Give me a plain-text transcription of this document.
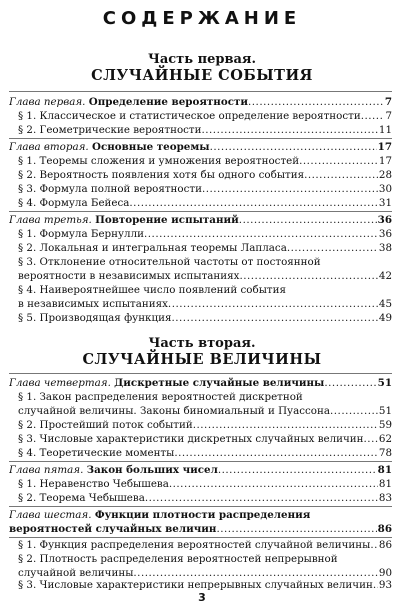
СОДЕРЖАНИЕ
Часть первая.
СЛУЧАЙНЫЕ СОБЫТИЯ
Глава первая. Определение вероятности .....	7
§ 1. Классическое и статистическое определение вероятности ..... 7
§ 2. Геометрические вероятности .....	11
Глава вторая. Основные теоремы .....	17
§ 1. Теоремы сложения и умножения вероятностей .....	17
§ 2. Вероятность появления хотя бы одного события .....	28
§ 3. Формула полной вероятности .....	30
§ 4. Формула Бейеса .....	31
Глава третья. Повторение испытаний .....	36
§ 1. Формула Бернулли .....	36
§ 2. Локальная и интегральная теоремы Лапласа .....	38
§ 3. Отклонение относительной частоты от постоянной
вероятности в независимых испытаниях .....	42
§ 4. Наивероятнейшее число появлений события
в независимых испытаниях .....	45
§ 5. Производящая функция .....	49
Часть вторая.
СЛУЧАЙНЫЕ ВЕЛИЧИНЫ
Глава четвертая. Дискретные случайные величины .....	51
§ 1. Закон распределения вероятностей дискретной
случайной величины. Законы биномиальный и Пуассона .....	51
§ 2. Простейший поток событий .....	59
§ 3. Числовые характеристики дискретных случайных величин ..... 62
§ 4. Теоретические моменты .....	78
Глава пятая. Закон больших чисел .....	81
§ 1. Неравенство Чебышева .....	81
§ 2. Теорема Чебышева .....	83
Глава шестая. Функции плотности распределения
вероятностей случайных величин .....	86
§ 1. Функция распределения вероятностей случайной величины ..... 86
§ 2. Плотность распределения вероятностей непрерывной
случайной величины .....	90
§ 3. Числовые характеристики непрерывных случайных величин ..... 93
3
